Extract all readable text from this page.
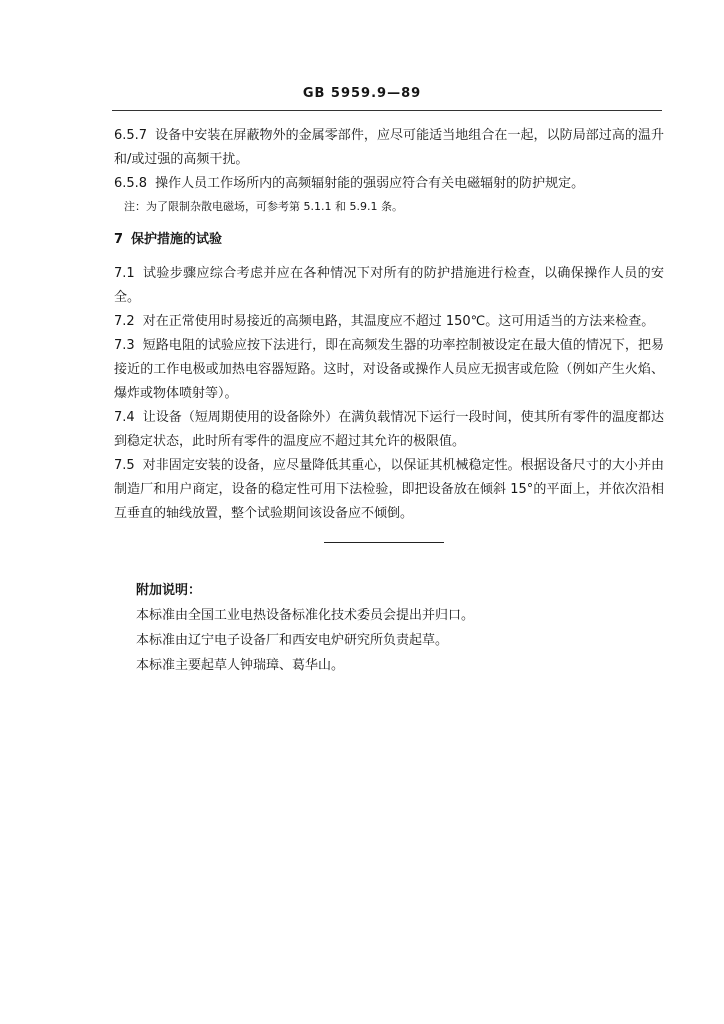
GB 5959.9—89

6.5.7 设备中安装在屏蔽物外的金属零部件，应尽可能适当地组合在一起，以防局部过高的温升和/或过强的高频干扰。

6.5.8 操作人员工作场所内的高频辐射能的强弱应符合有关电磁辐射的防护规定。

注：为了限制杂散电磁场，可参考第 5.1.1 和 5.9.1 条。

7 保护措施的试验

7.1 试验步骤应综合考虑并应在各种情况下对所有的防护措施进行检查，以确保操作人员的安全。

7.2 对在正常使用时易接近的高频电路，其温度应不超过 150℃。这可用适当的方法来检查。

7.3 短路电阻的试验应按下法进行，即在高频发生器的功率控制被设定在最大值的情况下，把易接近的工作电极或加热电容器短路。这时，对设备或操作人员应无损害或危险（例如产生火焰、爆炸或物体喷射等）。

7.4 让设备（短周期使用的设备除外）在满负载情况下运行一段时间，使其所有零件的温度都达到稳定状态，此时所有零件的温度应不超过其允许的极限值。

7.5 对非固定安装的设备，应尽量降低其重心，以保证其机械稳定性。根据设备尺寸的大小并由制造厂和用户商定，设备的稳定性可用下法检验，即把设备放在倾斜 15°的平面上，并依次沿相互垂直的轴线放置，整个试验期间该设备应不倾倒。

附加说明：

本标准由全国工业电热设备标准化技术委员会提出并归口。

本标准由辽宁电子设备厂和西安电炉研究所负责起草。

本标准主要起草人钟瑞璋、葛华山。
